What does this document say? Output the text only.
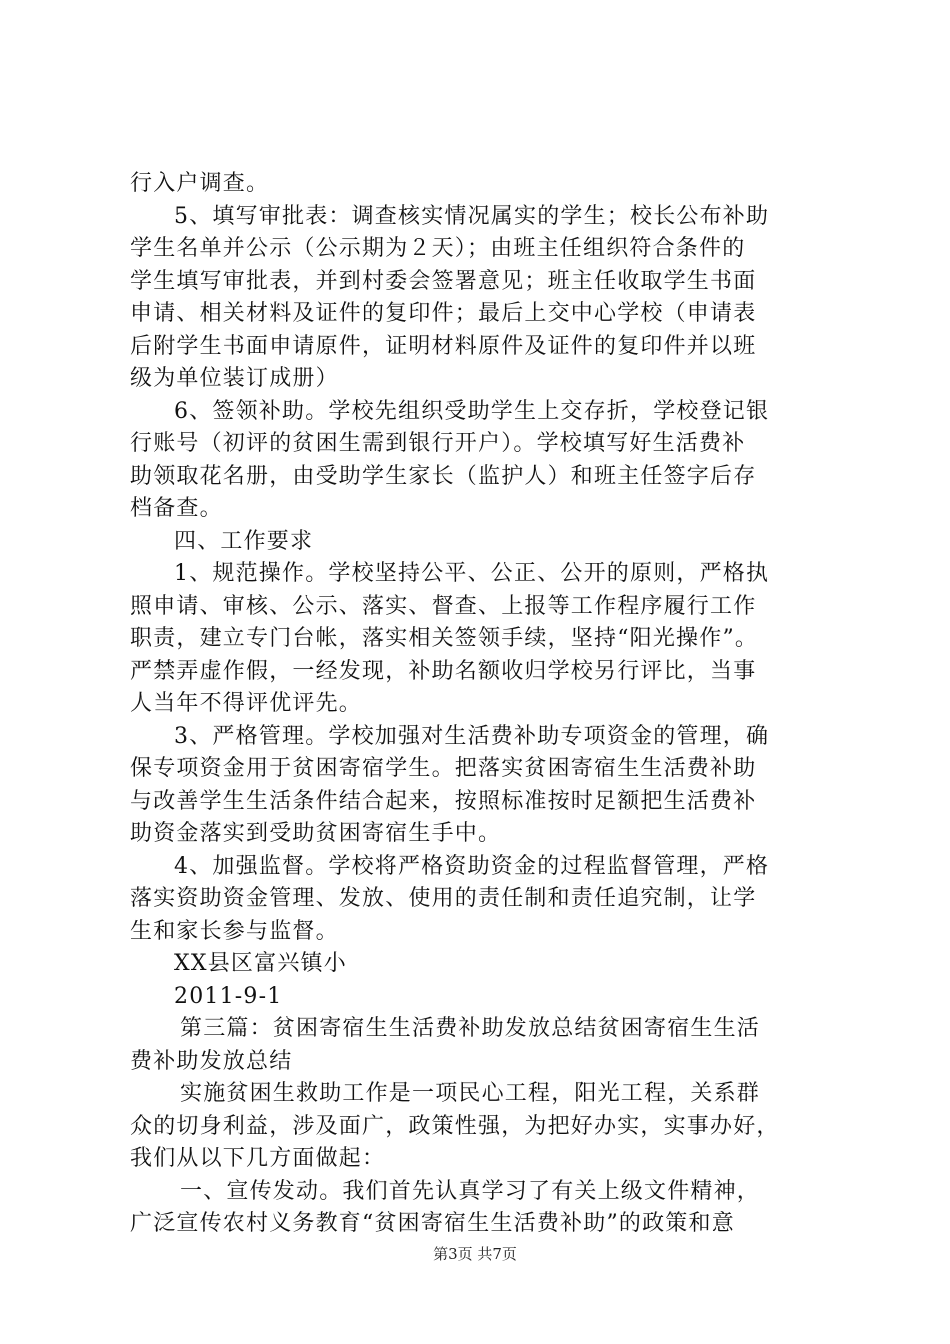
行入户调查。
5、填写审批表：调查核实情况属实的学生；校长公布补助
学生名单并公示（公示期为２天）；由班主任组织符合条件的
学生填写审批表，并到村委会签署意见；班主任收取学生书面
申请、相关材料及证件的复印件；最后上交中心学校（申请表
后附学生书面申请原件，证明材料原件及证件的复印件并以班
级为单位装订成册）
6、签领补助。学校先组织受助学生上交存折，学校登记银
行账号（初评的贫困生需到银行开户）。学校填写好生活费补
助领取花名册，由受助学生家长（监护人）和班主任签字后存
档备查。
四、工作要求
1、规范操作。学校坚持公平、公正、公开的原则，严格执
照申请、审核、公示、落实、督查、上报等工作程序履行工作
职责，建立专门台帐，落实相关签领手续，坚持“阳光操作”。
严禁弄虚作假，一经发现，补助名额收归学校另行评比，当事
人当年不得评优评先。
3、严格管理。学校加强对生活费补助专项资金的管理，确
保专项资金用于贫困寄宿学生。把落实贫困寄宿生生活费补助
与改善学生生活条件结合起来，按照标准按时足额把生活费补
助资金落实到受助贫困寄宿生手中。
4、加强监督。学校将严格资助资金的过程监督管理，严格
落实资助资金管理、发放、使用的责任制和责任追究制，让学
生和家长参与监督。
XX县区富兴镇小
2011-9-1
第三篇：贫困寄宿生生活费补助发放总结贫困寄宿生生活
费补助发放总结
实施贫困生救助工作是一项民心工程，阳光工程，关系群
众的切身利益，涉及面广，政策性强，为把好办实，实事办好，
我们从以下几方面做起：
一、宣传发动。我们首先认真学习了有关上级文件精神，
广泛宣传农村义务教育“贫困寄宿生生活费补助”的政策和意
第3页 共7页
